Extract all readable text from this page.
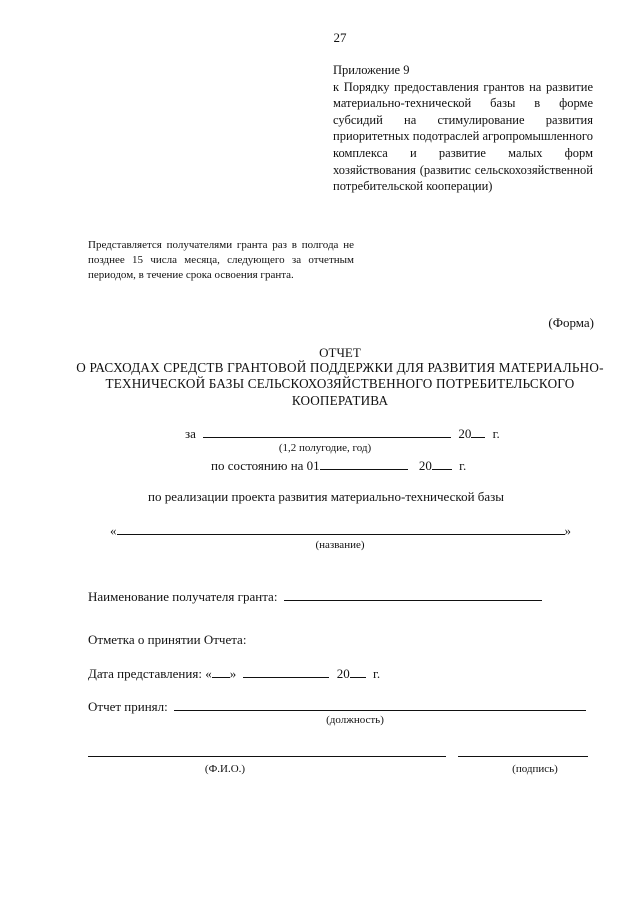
27
Приложение 9
к Порядку предоставления грантов на развитие материально-технической базы в форме субсидий на стимулирование развития приоритетных подотраслей агропромышленного комплекса и развитие малых форм хозяйствования (развитис сельскохозяйственной потребительской кооперации)
Представляется получателями гранта раз в полгода не позднее 15 числа месяца, следующего за отчетным периодом, в течение срока освоения гранта.
(Форма)
ОТЧЕТ
О РАСХОДАХ СРЕДСТВ ГРАНТОВОЙ ПОДДЕРЖКИ ДЛЯ РАЗВИТИЯ МАТЕРИАЛЬНО-ТЕХНИЧЕСКОЙ БАЗЫ СЕЛЬСКОХОЗЯЙСТВЕННОГО ПОТРЕБИТЕЛЬСКОГО КООПЕРАТИВА
за	20 г.
(1,2 полугодие, год)
по состоянию на 01	20 г.
по реализации проекта развития материально-технической базы
«	»
(название)
Наименование получателя гранта:
Отметка о принятии Отчета:
Дата представления: « »	20 г.
Отчет принял:
(должность)
(Ф.И.О.)	(подпись)
